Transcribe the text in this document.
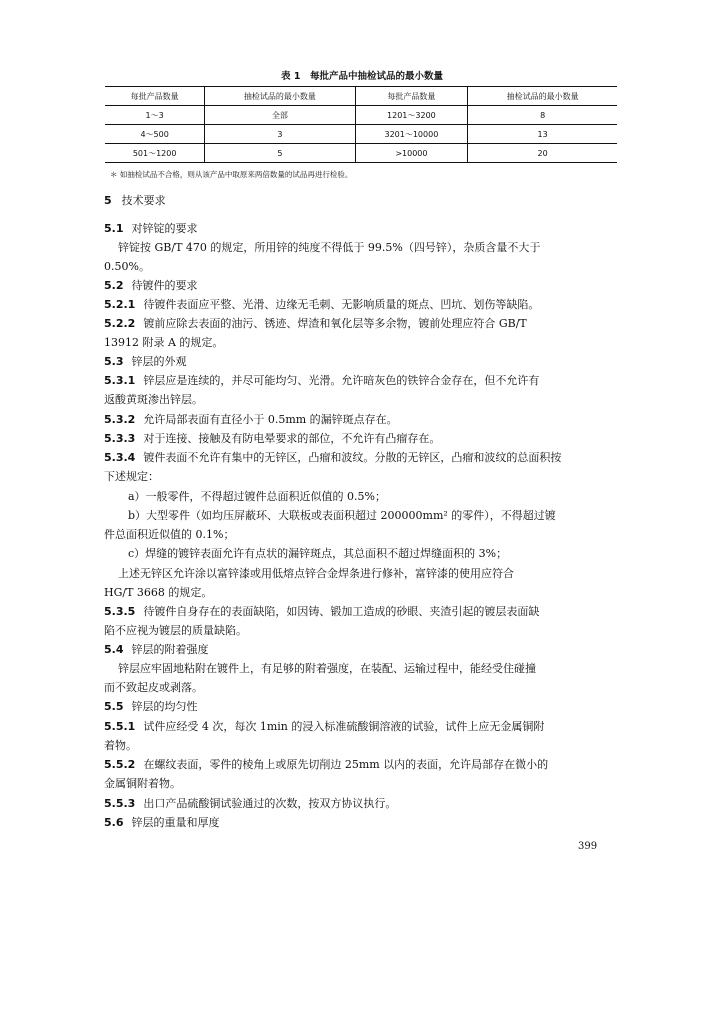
表 1　每批产品中抽检试品的最小数量
每批产品数量	抽检试品的最小数量	每批产品数量	抽检试品的最小数量
1～3	全部	1201～3200	8
4～500	3	3201～10000	13
501～1200	5	>10000	20
＊ 如抽检试品不合格，则从该产品中取原来两倍数量的试品再进行检验。
5 技术要求
5.1 对锌锭的要求
锌锭按 GB/T 470 的规定，所用锌的纯度不得低于 99.5%（四号锌），杂质含量不大于
0.50%。
5.2 待镀件的要求
5.2.1 待镀件表面应平整、光滑、边缘无毛刺、无影响质量的斑点、凹坑、划伤等缺陷。
5.2.2 镀前应除去表面的油污、锈迹、焊渣和氧化层等多余物，镀前处理应符合 GB/T
13912 附录 A 的规定。
5.3 锌层的外观
5.3.1 锌层应是连续的，并尽可能均匀、光滑。允许暗灰色的铁锌合金存在，但不允许有
返酸黄斑渗出锌层。
5.3.2 允许局部表面有直径小于 0.5mm 的漏锌斑点存在。
5.3.3 对于连接、接触及有防电晕要求的部位，不允许有凸瘤存在。
5.3.4 镀件表面不允许有集中的无锌区，凸瘤和波纹。分散的无锌区，凸瘤和波纹的总面积按
下述规定：
a）一般零件，不得超过镀件总面积近似值的 0.5%；
b）大型零件（如均压屏蔽环、大联板或表面积超过 200000mm² 的零件），不得超过镀
件总面积近似值的 0.1%；
c）焊缝的镀锌表面允许有点状的漏锌斑点，其总面积不超过焊缝面积的 3%；
上述无锌区允许涂以富锌漆或用低熔点锌合金焊条进行修补，富锌漆的使用应符合
HG/T 3668 的规定。
5.3.5 待镀件自身存在的表面缺陷，如因铸、锻加工造成的砂眼、夹渣引起的镀层表面缺
陷不应视为镀层的质量缺陷。
5.4 锌层的附着强度
锌层应牢固地粘附在镀件上，有足够的附着强度，在装配、运输过程中，能经受住碰撞
而不致起皮或剥落。
5.5 锌层的均匀性
5.5.1 试件应经受 4 次，每次 1min 的浸入标准硫酸铜溶液的试验，试件上应无金属铜附
着物。
5.5.2 在螺纹表面，零件的棱角上或原先切削边 25mm 以内的表面，允许局部存在微小的
金属铜附着物。
5.5.3 出口产品硫酸铜试验通过的次数，按双方协议执行。
5.6 锌层的重量和厚度
399
